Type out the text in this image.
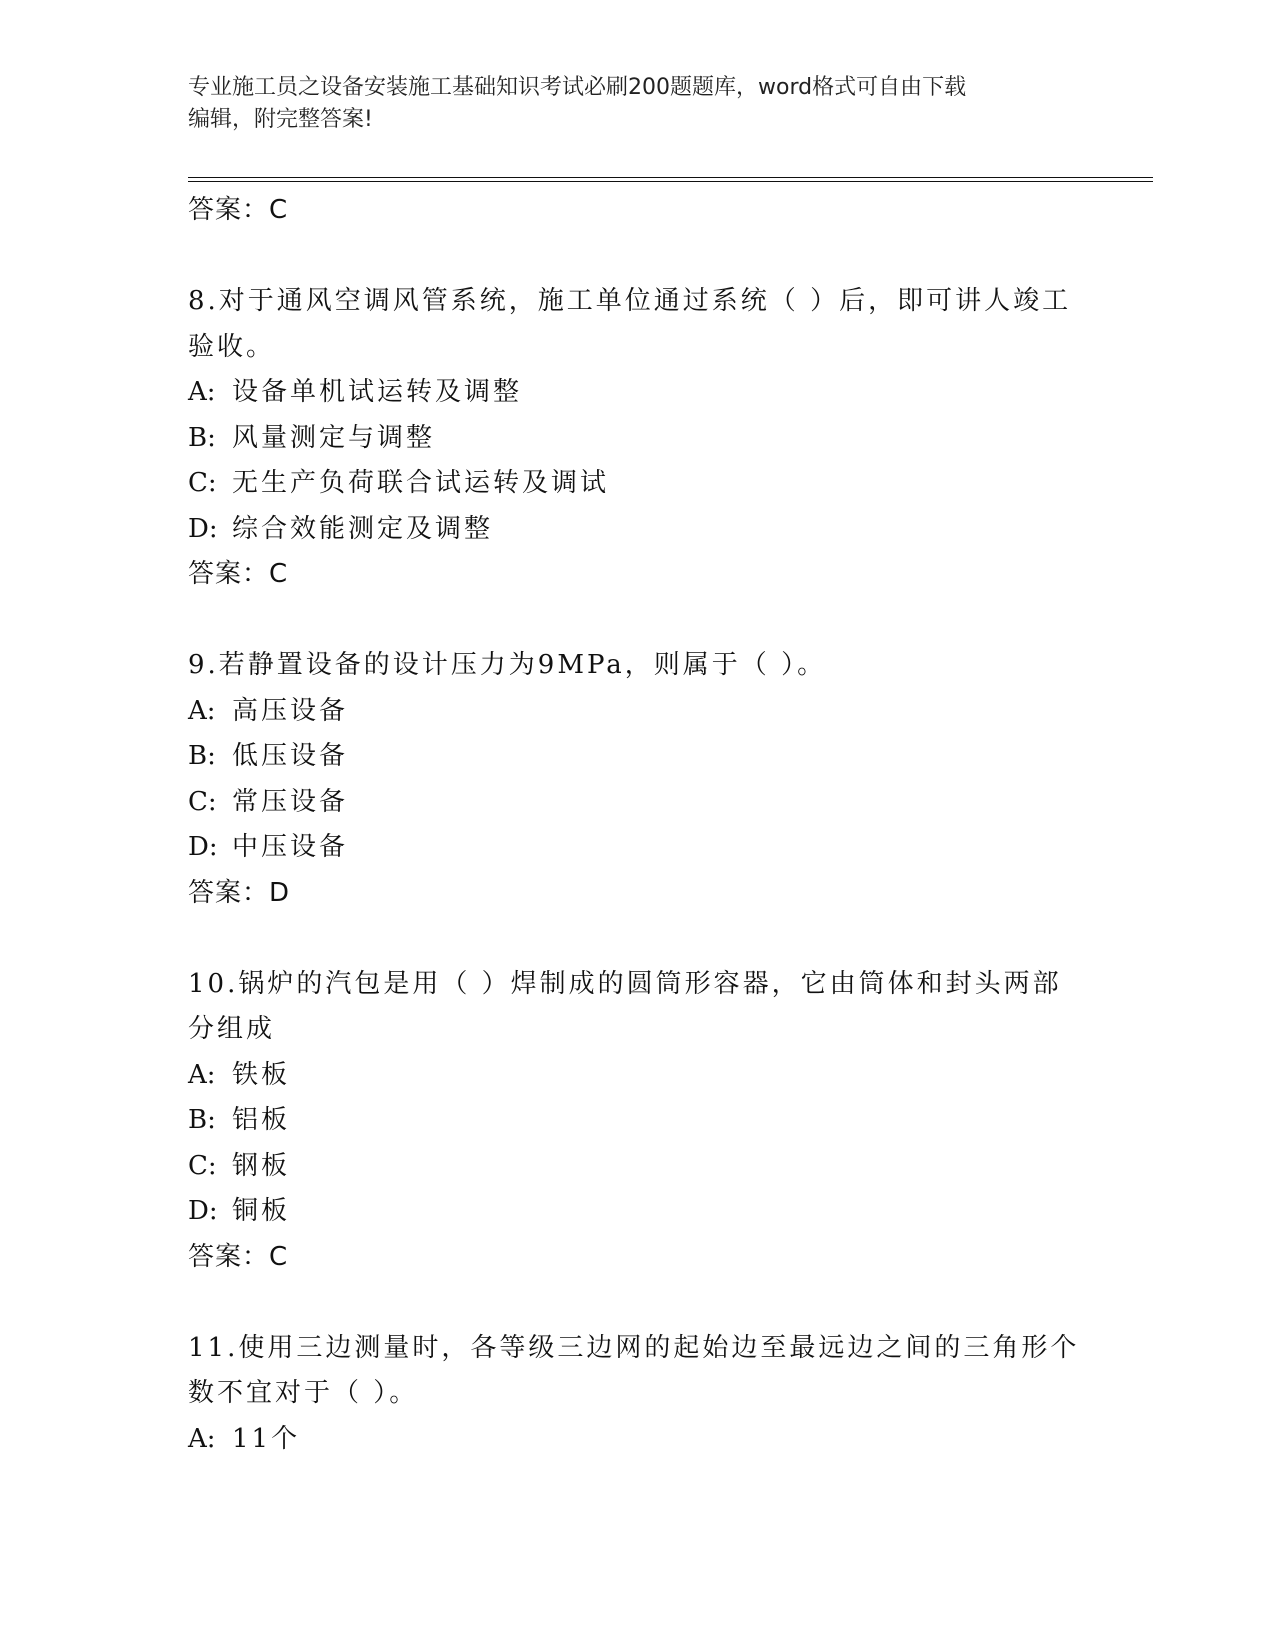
专业施工员之设备安装施工基础知识考试必刷200题题库，word格式可自由下载
编辑，附完整答案!
答案：C
8.对于通风空调风管系统，施工单位通过系统（ ）后，即可讲人竣工
验收。
A: 设备单机试运转及调整
B: 风量测定与调整
C: 无生产负荷联合试运转及调试
D: 综合效能测定及调整
答案：C
9.若静置设备的设计压力为9MPa，则属于（ ）。
A: 高压设备
B: 低压设备
C: 常压设备
D: 中压设备
答案：D
10.锅炉的汽包是用（ ）焊制成的圆筒形容器，它由筒体和封头两部
分组成
A: 铁板
B: 铝板
C: 钢板
D: 铜板
答案：C
11.使用三边测量时，各等级三边网的起始边至最远边之间的三角形个
数不宜对于（ ）。
A: 11个
